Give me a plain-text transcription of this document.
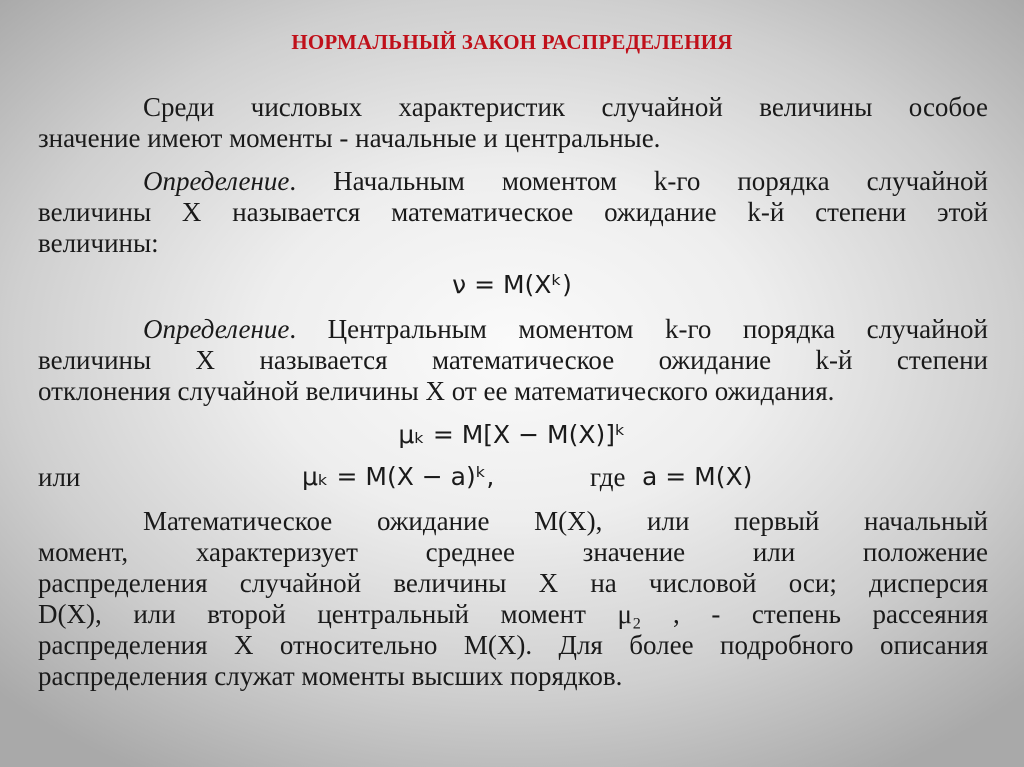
НОРМАЛЬНЫЙ ЗАКОН РАСПРЕДЕЛЕНИЯ
Среди числовых характеристик случайной величины особое
значение имеют моменты - начальные и центральные.
Определение. Начальным моментом k-го порядка случайной
величины X называется математическое ожидание k-й степени этой
величины:
ν = M(Xᵏ)
Определение. Центральным моментом k-го порядка случайной
величины X называется математическое ожидание k-й степени
отклонения случайной величины X от ее математического ожидания.
μₖ = M[X − M(X)]ᵏ
или	μₖ = M(X − a)ᵏ,	где a = M(X)
Математическое ожидание M(X), или первый начальный
момент, характеризует среднее значение или положение
распределения случайной величины X на числовой оси; дисперсия
D(X), или второй центральный момент μ₂ , - степень рассеяния
распределения X относительно M(X). Для более подробного описания
распределения служат моменты высших порядков.
